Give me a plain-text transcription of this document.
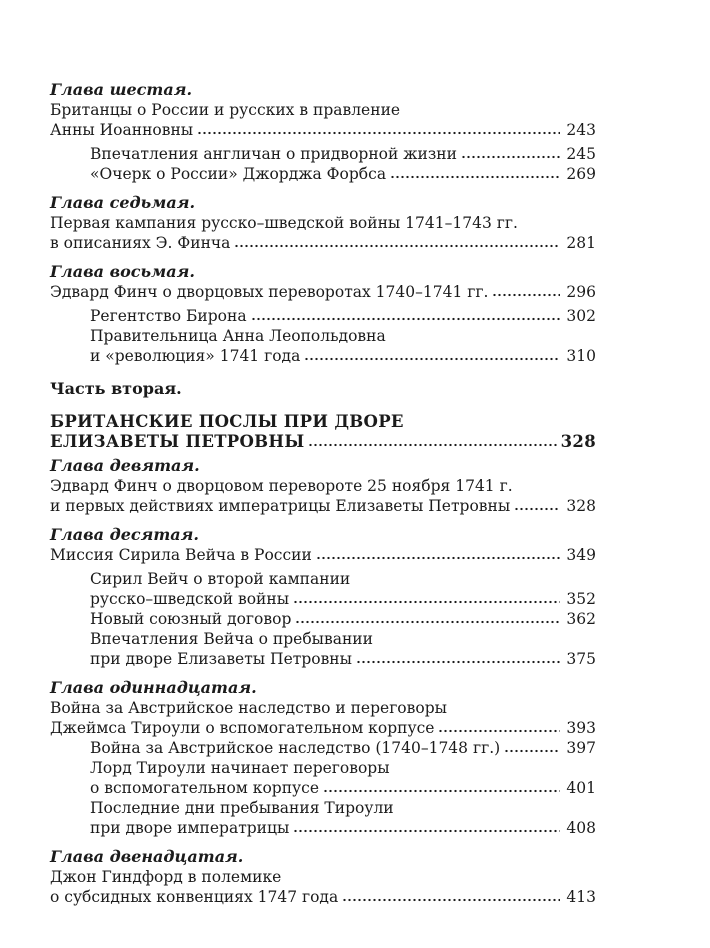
Глава шестая.
Британцы о России и русских в правление
Анны Иоанновны	243
Впечатления англичан о придворной жизни	245
«Очерк о России» Джорджа Форбса	269
Глава седьмая.
Первая кампания русско–шведской войны 1741–1743 гг.
в описаниях Э. Финча	281
Глава восьмая.
Эдвард Финч о дворцовых переворотах 1740–1741 гг.	296
Регентство Бирона	302
Правительница Анна Леопольдовна
и «революция» 1741 года	310
Часть вторая.
БРИТАНСКИЕ ПОСЛЫ ПРИ ДВОРЕ
ЕЛИЗАВЕТЫ ПЕТРОВНЫ	328
Глава девятая.
Эдвард Финч о дворцовом перевороте 25 ноября 1741 г.
и первых действиях императрицы Елизаветы Петровны	328
Глава десятая.
Миссия Сирила Вейча в России	349
Сирил Вейч о второй кампании
русско–шведской войны	352
Новый союзный договор	362
Впечатления Вейча о пребывании
при дворе Елизаветы Петровны	375
Глава одиннадцатая.
Война за Австрийское наследство и переговоры
Джеймса Тироули о вспомогательном корпусе	393
Война за Австрийское наследство (1740–1748 гг.)	397
Лорд Тироули начинает переговоры
о вспомогательном корпусе	401
Последние дни пребывания Тироули
при дворе императрицы	408
Глава двенадцатая.
Джон Гиндфорд в полемике
о субсидных конвенциях 1747 года	413
